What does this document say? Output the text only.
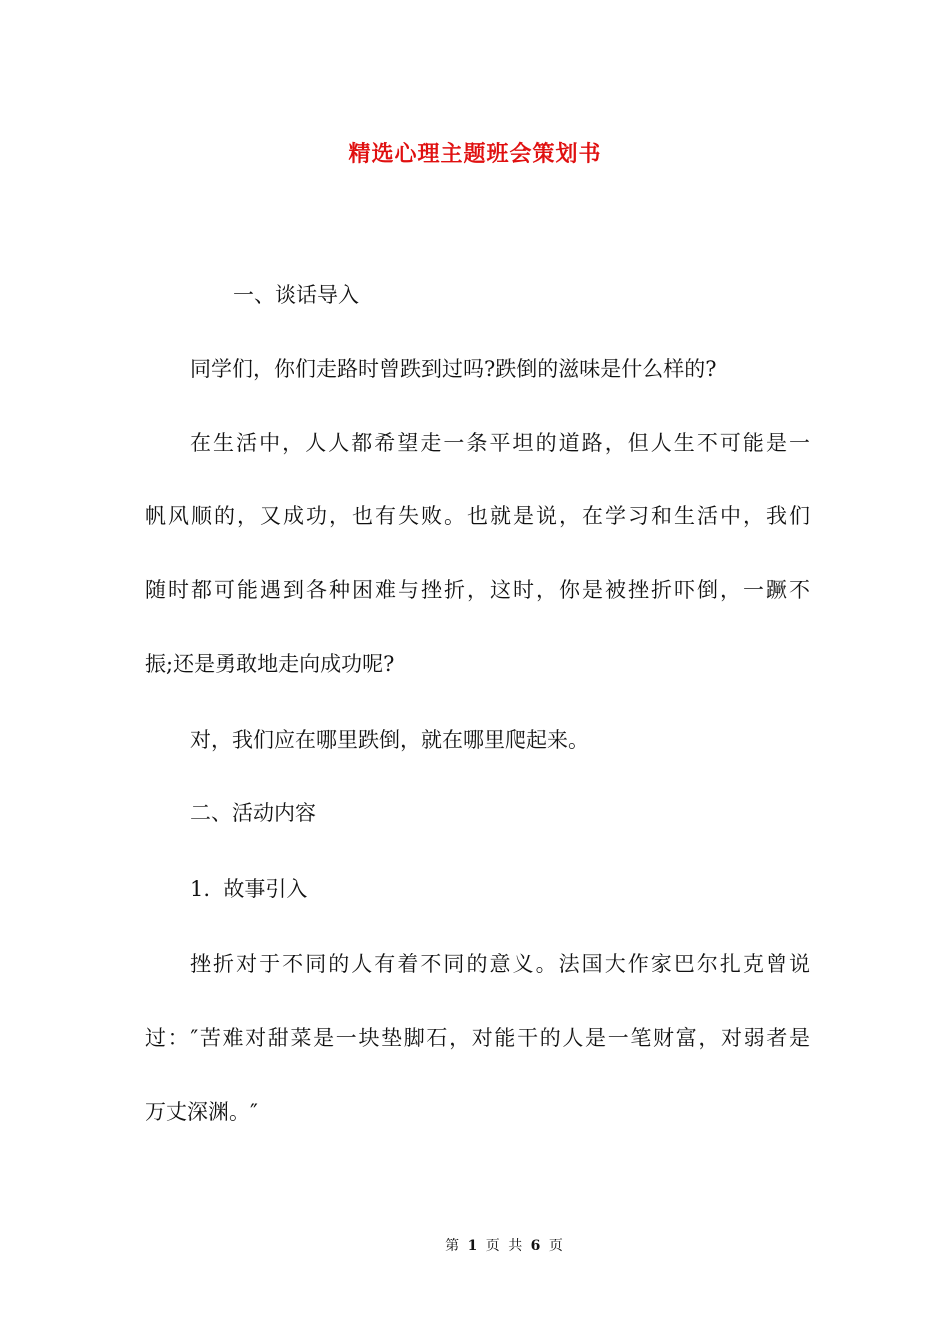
精选心理主题班会策划书
一、谈话导入
同学们，你们走路时曾跌到过吗?跌倒的滋味是什么样的?
在生活中，人人都希望走一条平坦的道路，但人生不可能是一
帆风顺的，又成功，也有失败。也就是说，在学习和生活中，我们
随时都可能遇到各种困难与挫折，这时，你是被挫折吓倒，一蹶不
振;还是勇敢地走向成功呢?
对，我们应在哪里跌倒，就在哪里爬起来。
二、活动内容
1.  故事引入
挫折对于不同的人有着不同的意义。法国大作家巴尔扎克曾说
过：″苦难对甜菜是一块垫脚石，对能干的人是一笔财富，对弱者是
万丈深渊。″
第 1 页 共 6 页
